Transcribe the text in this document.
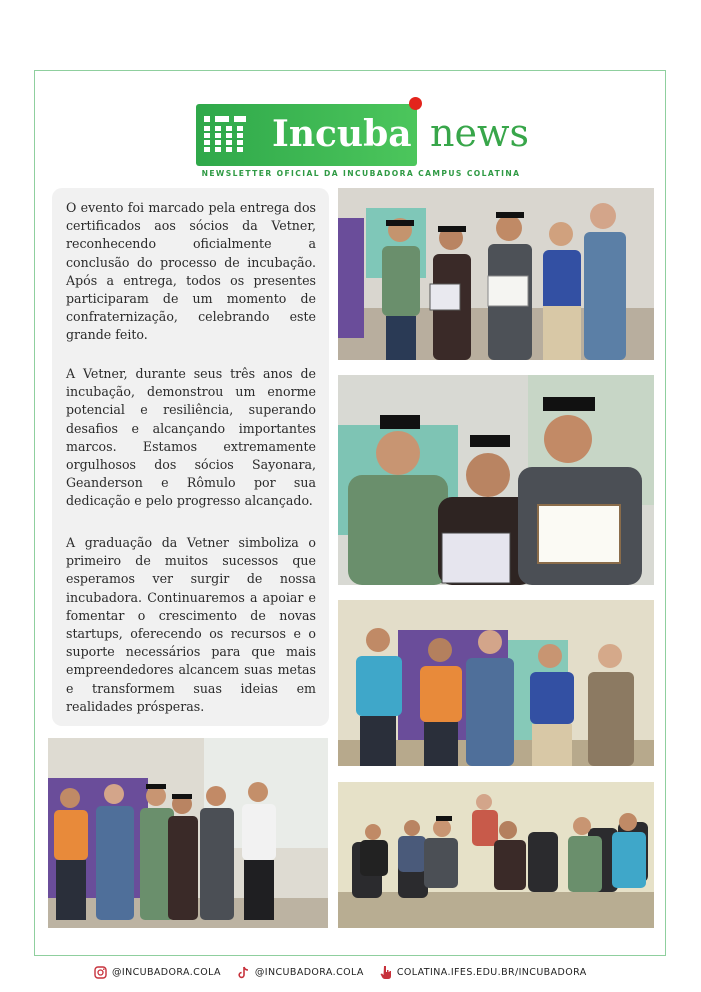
Incuba news
NEWSLETTER OFICIAL DA INCUBADORA CAMPUS COLATINA

O evento foi marcado pela entrega dos certificados aos sócios da Vetner, reconhecendo oficialmente a conclusão do processo de incubação. Após a entrega, todos os presentes participaram de um momento de confraternização, celebrando este grande feito.

A Vetner, durante seus três anos de incubação, demonstrou um enorme potencial e resiliência, superando desafios e alcançando importantes marcos. Estamos extremamente orgulhosos dos sócios Sayonara, Geanderson e Rômulo por sua dedicação e pelo progresso alcançado.

A graduação da Vetner simboliza o primeiro de muitos sucessos que esperamos ver surgir de nossa incubadora. Continuaremos a apoiar e fomentar o crescimento de novas startups, oferecendo os recursos e o suporte necessários para que mais empreendedores alcancem suas metas e transformem suas ideias em realidades prósperas.

@INCUBADORA.COLA	@INCUBADORA.COLA	COLATINA.IFES.EDU.BR/INCUBADORA
